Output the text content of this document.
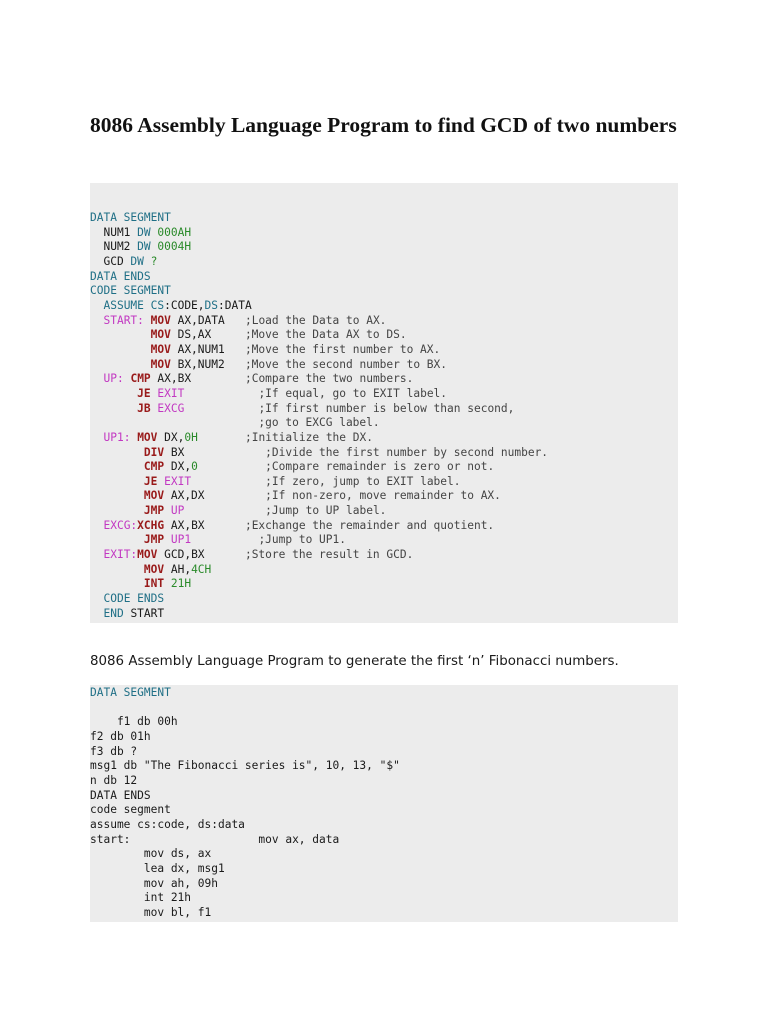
8086 Assembly Language Program to find GCD of two numbers
DATA SEGMENT
NUM1 DW 000AH
NUM2 DW 0004H
GCD DW ?
DATA ENDS
CODE SEGMENT
ASSUME CS:CODE,DS:DATA
START: MOV AX,DATA   ;Load the Data to AX.
MOV DS,AX     ;Move the Data AX to DS.
MOV AX,NUM1   ;Move the first number to AX.
MOV BX,NUM2   ;Move the second number to BX.
UP: CMP AX,BX        ;Compare the two numbers.
JE EXIT	;If equal, go to EXIT label.
JB EXCG	;If first number is below than second,
;go to EXCG label.
UP1: MOV DX,0H	;Initialize the DX.
DIV BX            ;Divide the first number by second number.
CMP DX,0	;Compare remainder is zero or not.
JE EXIT	;If zero, jump to EXIT label.
MOV AX,DX         ;If non-zero, move remainder to AX.
JMP UP	;Jump to UP label.
EXCG:XCHG AX,BX      ;Exchange the remainder and quotient.
JMP UP1	;Jump to UP1.
EXIT:MOV GCD,BX      ;Store the result in GCD.
MOV AH,4CH
INT 21H
CODE ENDS
END START

8086 Assembly Language Program to generate the first ‘n’ Fibonacci numbers.

DATA SEGMENT
f1 db 00h
f2 db 01h
f3 db ?
msg1 db "The Fibonacci series is", 10, 13, "$"
n db 12
DATA ENDS
code segment
assume cs:code, ds:data
start:                   mov ax, data
mov ds, ax
lea dx, msg1
mov ah, 09h
int 21h
mov bl, f1
